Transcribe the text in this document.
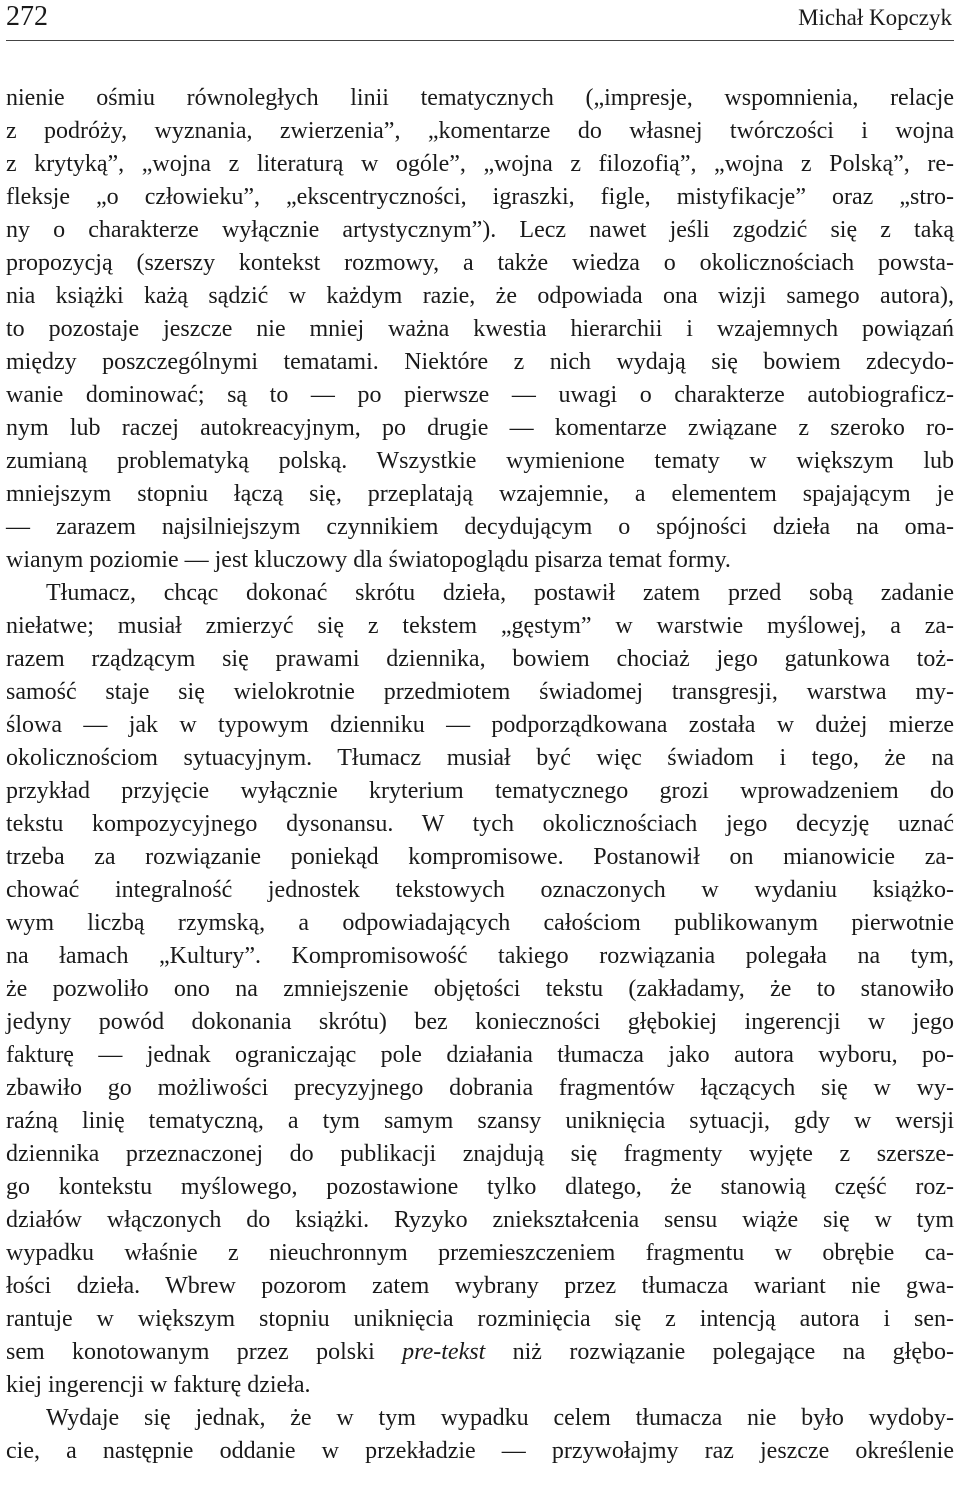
272	Michał Kopczyk
nienie ośmiu równoległych linii tematycznych („impresje, wspomnienia, relacje
z podróży, wyznania, zwierzenia”, „komentarze do własnej twórczości i wojna
z krytyką”, „wojna z literaturą w ogóle”, „wojna z filozofią”, „wojna z Polską”, re-
fleksje „o człowieku”, „ekscentryczności, igraszki, figle, mistyfikacje” oraz „stro-
ny o charakterze wyłącznie artystycznym”). Lecz nawet jeśli zgodzić się z taką
propozycją (szerszy kontekst rozmowy, a także wiedza o okolicznościach powsta-
nia książki każą sądzić w każdym razie, że odpowiada ona wizji samego autora),
to pozostaje jeszcze nie mniej ważna kwestia hierarchii i wzajemnych powiązań
między poszczególnymi tematami. Niektóre z nich wydają się bowiem zdecydo-
wanie dominować; są to — po pierwsze — uwagi o charakterze autobiograficz-
nym lub raczej autokreacyjnym, po drugie — komentarze związane z szeroko ro-
zumianą problematyką polską. Wszystkie wymienione tematy w większym lub
mniejszym stopniu łączą się, przeplatają wzajemnie, a elementem spajającym je
— zarazem najsilniejszym czynnikiem decydującym o spójności dzieła na oma-
wianym poziomie — jest kluczowy dla światopoglądu pisarza temat formy.
Tłumacz, chcąc dokonać skrótu dzieła, postawił zatem przed sobą zadanie
niełatwe; musiał zmierzyć się z tekstem „gęstym” w warstwie myślowej, a za-
razem rządzącym się prawami dziennika, bowiem chociaż jego gatunkowa toż-
samość staje się wielokrotnie przedmiotem świadomej transgresji, warstwa my-
ślowa — jak w typowym dzienniku — podporządkowana została w dużej mierze
okolicznościom sytuacyjnym. Tłumacz musiał być więc świadom i tego, że na
przykład przyjęcie wyłącznie kryterium tematycznego grozi wprowadzeniem do
tekstu kompozycyjnego dysonansu. W tych okolicznościach jego decyzję uznać
trzeba za rozwiązanie poniekąd kompromisowe. Postanowił on mianowicie za-
chować integralność jednostek tekstowych oznaczonych w wydaniu książko-
wym liczbą rzymską, a odpowiadających całościom publikowanym pierwotnie
na łamach „Kultury”. Kompromisowość takiego rozwiązania polegała na tym,
że pozwoliło ono na zmniejszenie objętości tekstu (zakładamy, że to stanowiło
jedyny powód dokonania skrótu) bez konieczności głębokiej ingerencji w jego
fakturę — jednak ograniczając pole działania tłumacza jako autora wyboru, po-
zbawiło go możliwości precyzyjnego dobrania fragmentów łączących się w wy-
raźną linię tematyczną, a tym samym szansy uniknięcia sytuacji, gdy w wersji
dziennika przeznaczonej do publikacji znajdują się fragmenty wyjęte z szersze-
go kontekstu myślowego, pozostawione tylko dlatego, że stanowią część roz-
działów włączonych do książki. Ryzyko zniekształcenia sensu wiąże się w tym
wypadku właśnie z nieuchronnym przemieszczeniem fragmentu w obrębie ca-
łości dzieła. Wbrew pozorom zatem wybrany przez tłumacza wariant nie gwa-
rantuje w większym stopniu uniknięcia rozminięcia się z intencją autora i sen-
sem konotowanym przez polski pre-tekst niż rozwiązanie polegające na głębo-
kiej ingerencji w fakturę dzieła.
Wydaje się jednak, że w tym wypadku celem tłumacza nie było wydoby-
cie, a następnie oddanie w przekładzie — przywołajmy raz jeszcze określenie
